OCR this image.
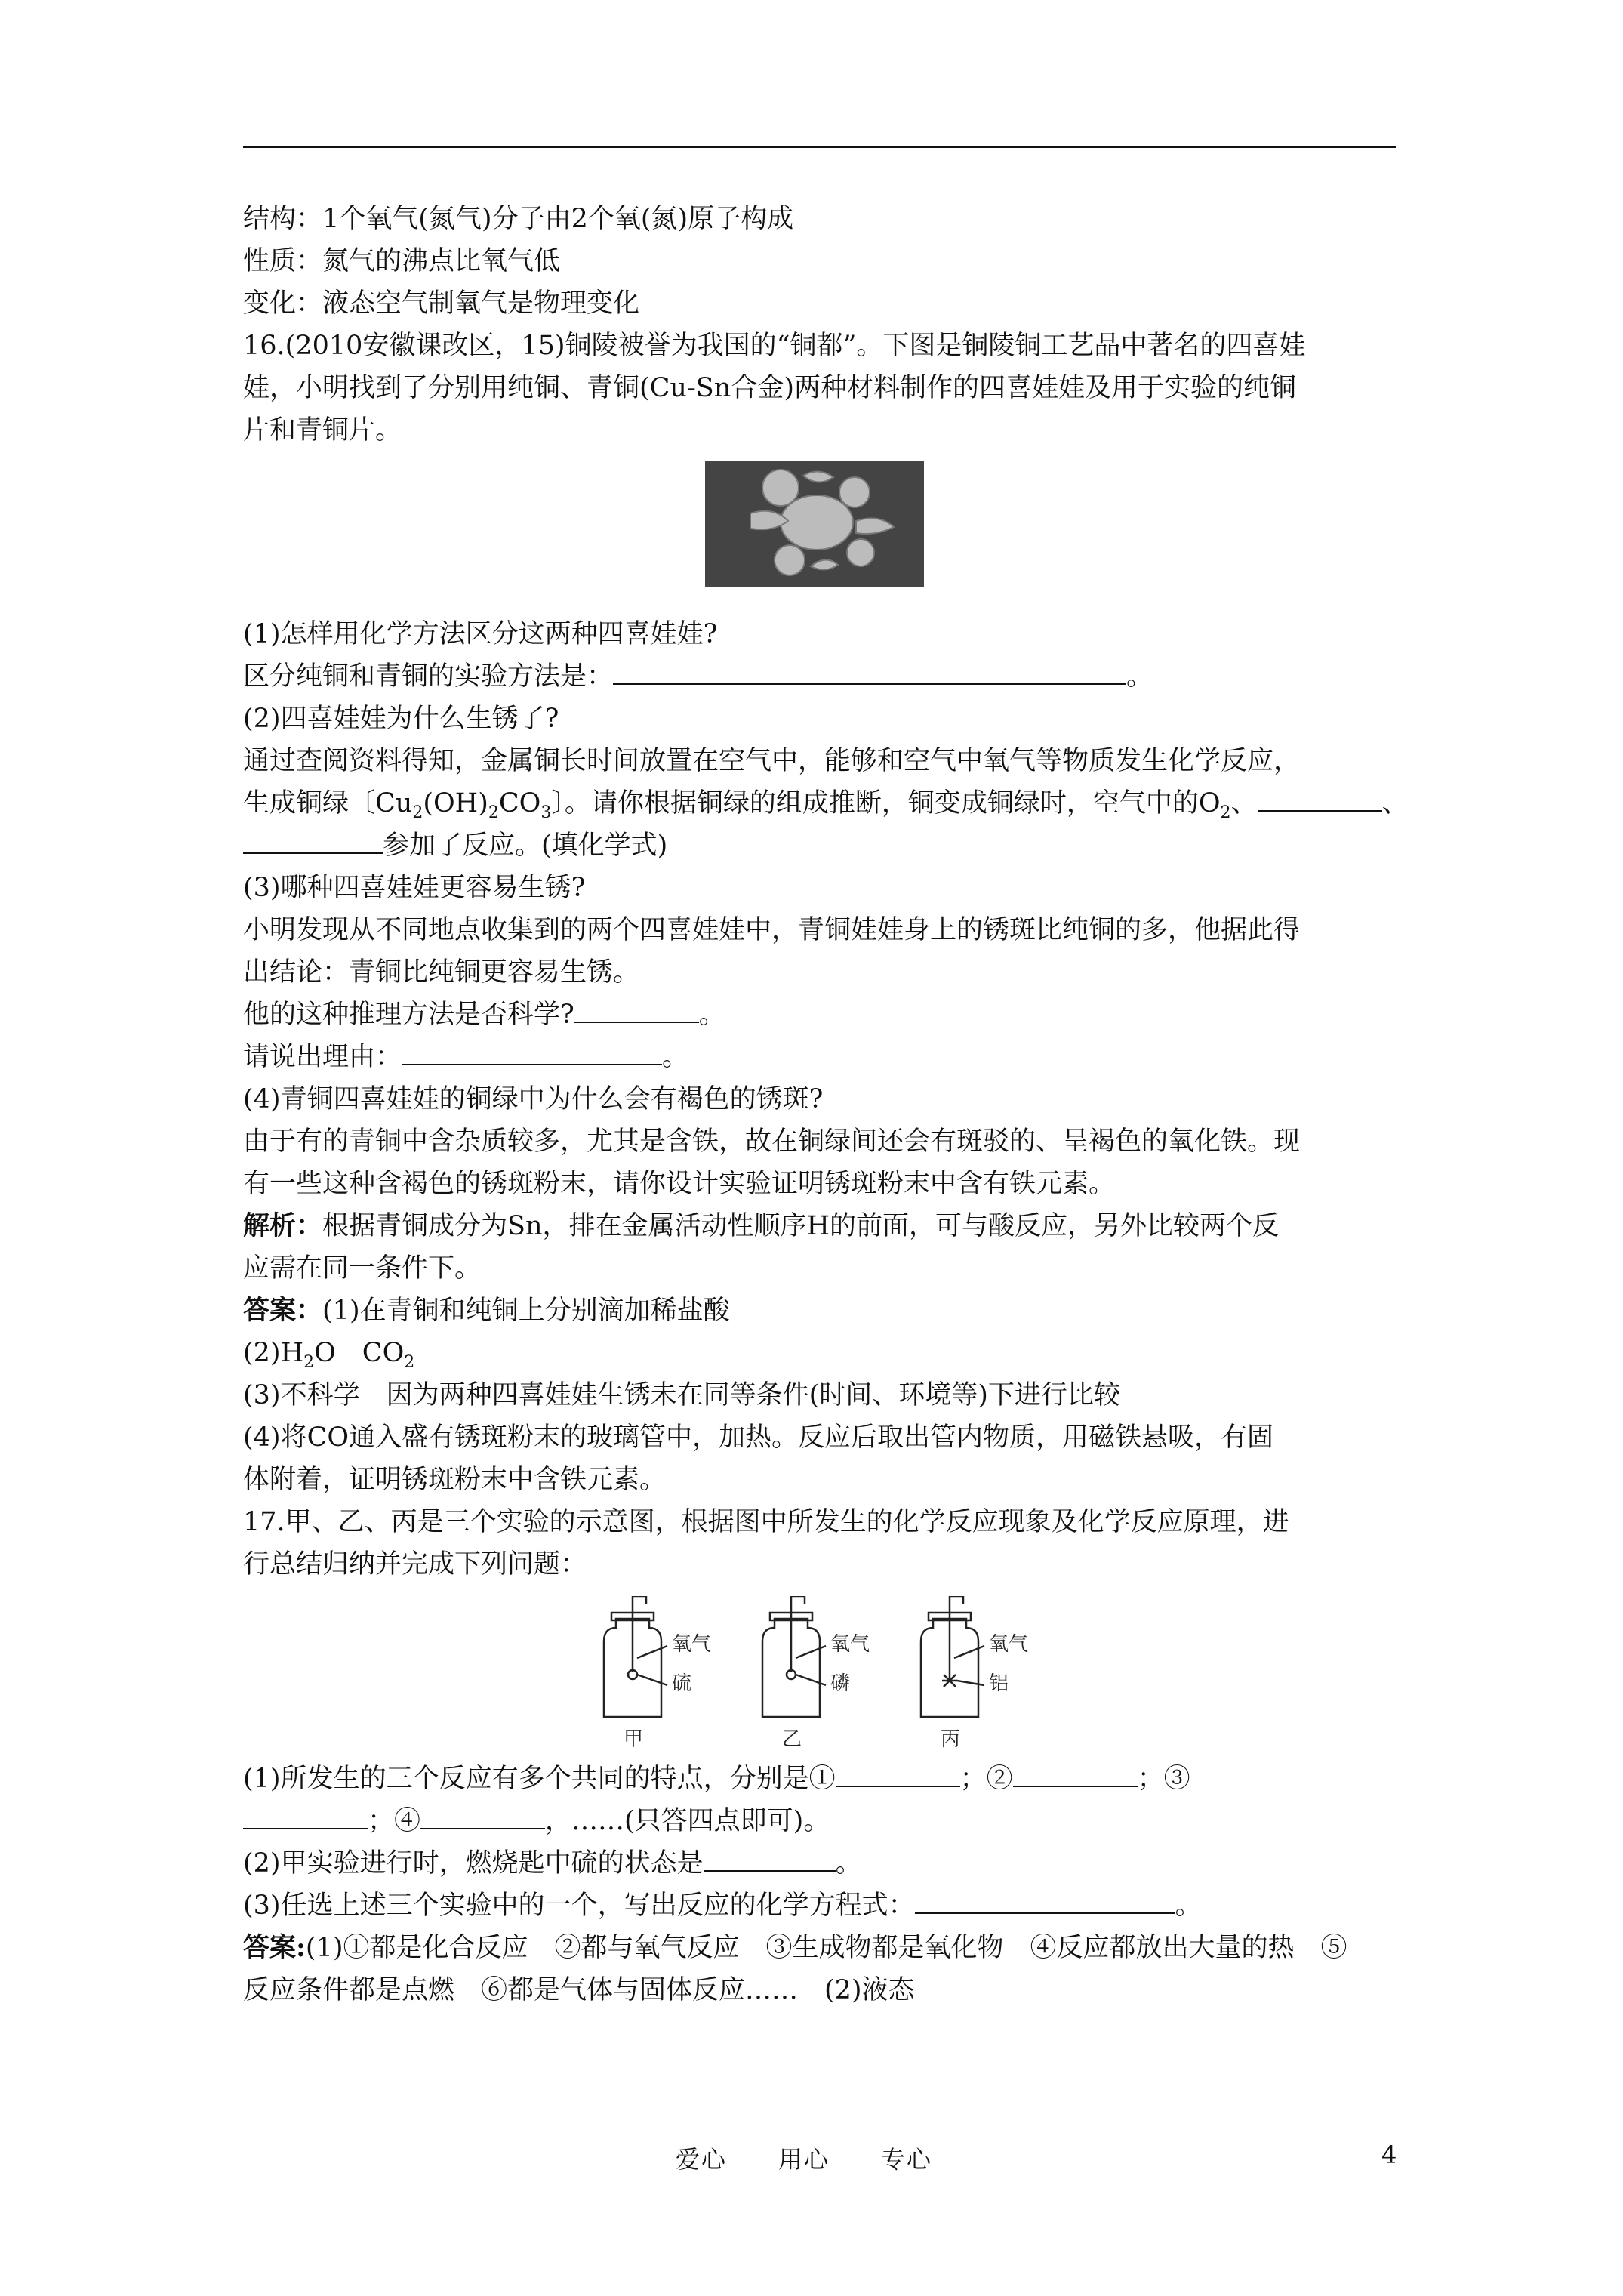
结构：1个氧气(氮气)分子由2个氧(氮)原子构成
性质：氮气的沸点比氧气低
变化：液态空气制氧气是物理变化
16.(2010安徽课改区，15)铜陵被誉为我国的“铜都”。下图是铜陵铜工艺品中著名的四喜娃
娃，小明找到了分别用纯铜、青铜(Cu-Sn合金)两种材料制作的四喜娃娃及用于实验的纯铜
片和青铜片。
(1)怎样用化学方法区分这两种四喜娃娃?
区分纯铜和青铜的实验方法是：	。
(2)四喜娃娃为什么生锈了?
通过查阅资料得知，金属铜长时间放置在空气中，能够和空气中氧气等物质发生化学反应，
生成铜绿〔$Cu_2(OH)_2CO_3$〕。请你根据铜绿的组成推断，铜变成铜绿时，空气中的$O_2$、	、
参加了反应。(填化学式)
(3)哪种四喜娃娃更容易生锈?
小明发现从不同地点收集到的两个四喜娃娃中，青铜娃娃身上的锈斑比纯铜的多，他据此得
出结论：青铜比纯铜更容易生锈。
他的这种推理方法是否科学?	。
请说出理由：	。
(4)青铜四喜娃娃的铜绿中为什么会有褐色的锈斑?
由于有的青铜中含杂质较多，尤其是含铁，故在铜绿间还会有斑驳的、呈褐色的氧化铁。现
有一些这种含褐色的锈斑粉末，请你设计实验证明锈斑粉末中含有铁元素。
解析：根据青铜成分为Sn，排在金属活动性顺序H的前面，可与酸反应，另外比较两个反
应需在同一条件下。
答案：(1)在青铜和纯铜上分别滴加稀盐酸
$(2)H_2O$　$CO_2$
(3)不科学　因为两种四喜娃娃生锈未在同等条件(时间、环境等)下进行比较
(4)将CO通入盛有锈斑粉末的玻璃管中，加热。反应后取出管内物质，用磁铁悬吸，有固
体附着，证明锈斑粉末中含铁元素。
17.甲、乙、丙是三个实验的示意图，根据图中所发生的化学反应现象及化学反应原理，进
行总结归纳并完成下列问题：
氧气
硫
甲
氧气
磷
乙
氧气
铝
丙
(1)所发生的三个反应有多个共同的特点，分别是①	；②	；③
；④	，……(只答四点即可)。
(2)甲实验进行时，燃烧匙中硫的状态是	。
(3)任选上述三个实验中的一个，写出反应的化学方程式：	。
答案:(1)①都是化合反应　②都与氧气反应　③生成物都是氧化物　④反应都放出大量的热　⑤
反应条件都是点燃　⑥都是气体与固体反应……　(2)液态
爱心　　用心　　专心	4
